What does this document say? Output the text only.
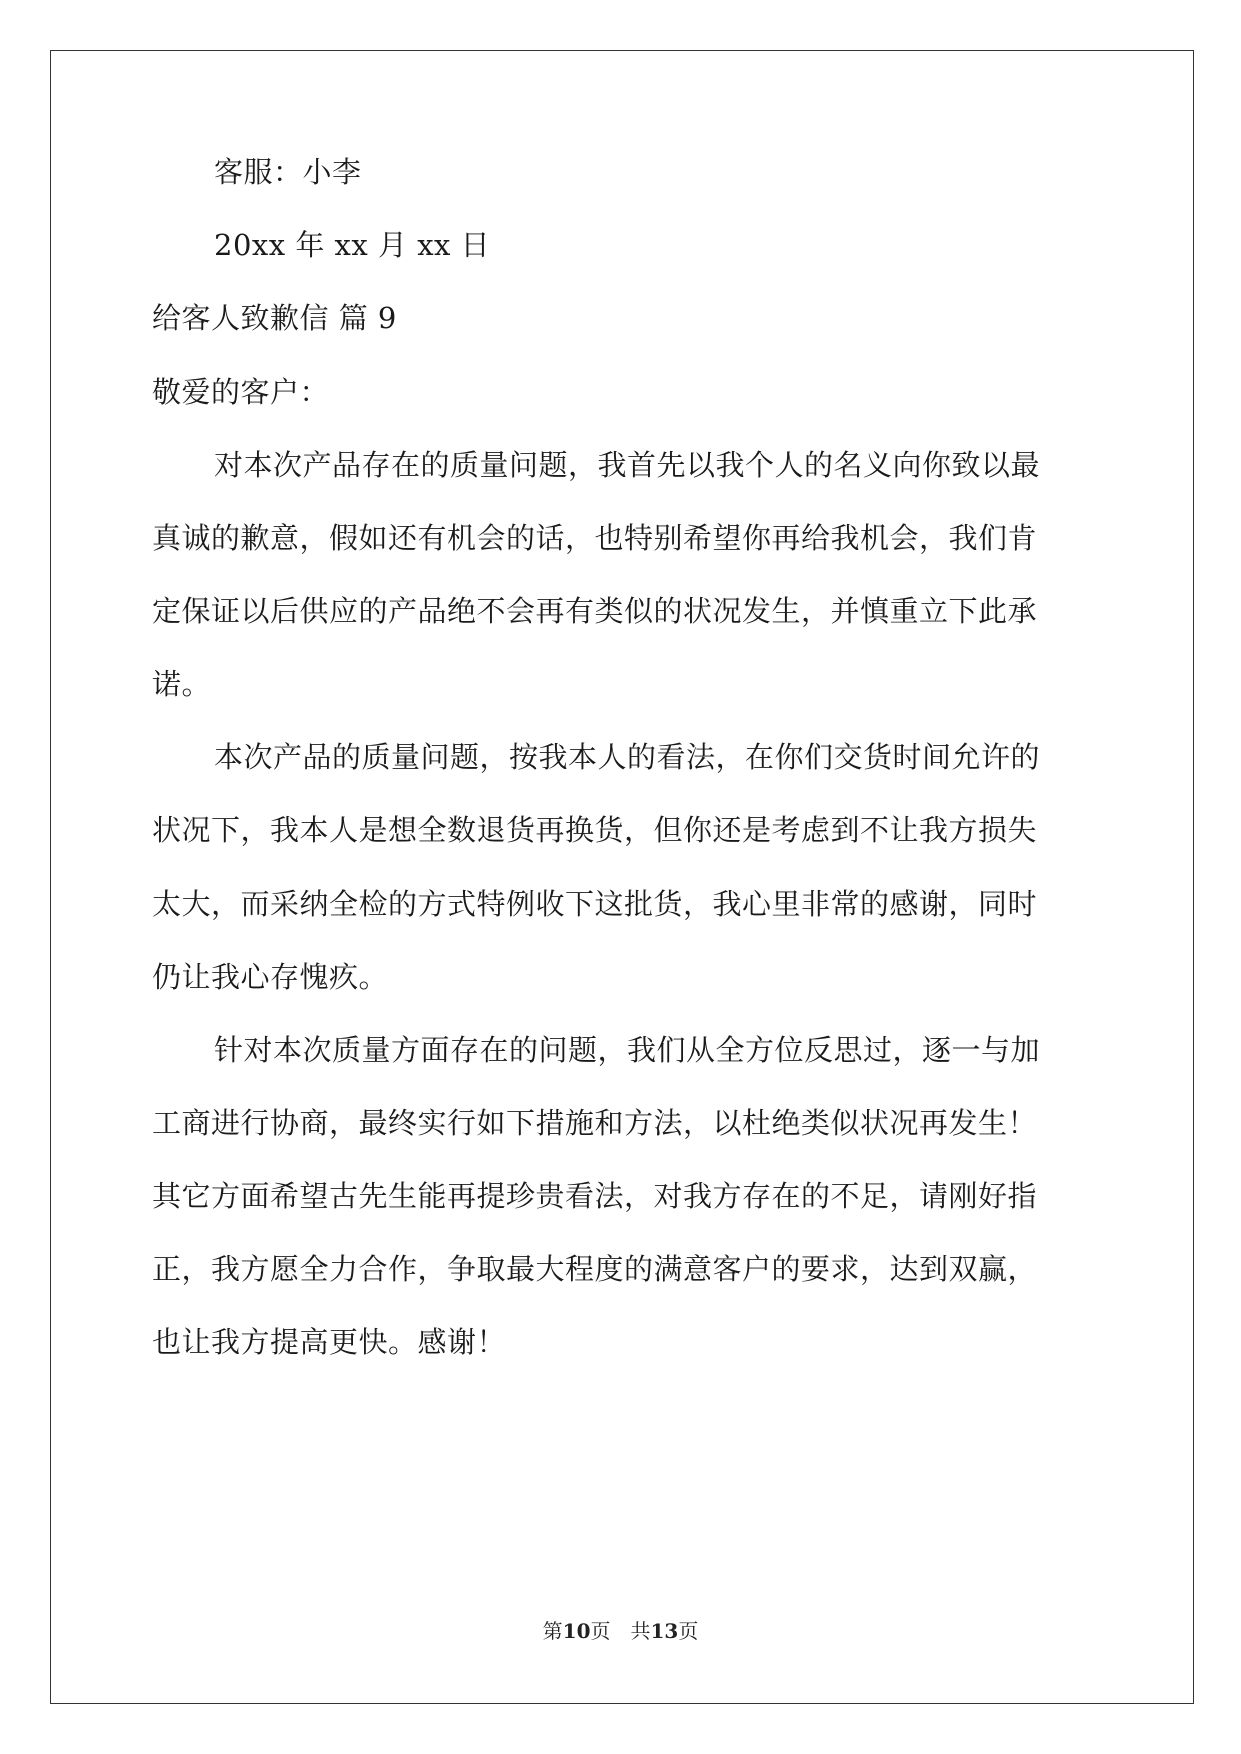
客服：小李
20xx 年 xx 月 xx 日
给客人致歉信 篇 9
敬爱的客户：
对本次产品存在的质量问题，我首先以我个人的名义向你致以最
真诚的歉意，假如还有机会的话，也特别希望你再给我机会，我们肯
定保证以后供应的产品绝不会再有类似的状况发生，并慎重立下此承
诺。
本次产品的质量问题，按我本人的看法，在你们交货时间允许的
状况下，我本人是想全数退货再换货，但你还是考虑到不让我方损失
太大，而采纳全检的方式特例收下这批货，我心里非常的感谢，同时
仍让我心存愧疚。
针对本次质量方面存在的问题，我们从全方位反思过，逐一与加
工商进行协商，最终实行如下措施和方法，以杜绝类似状况再发生！
其它方面希望古先生能再提珍贵看法，对我方存在的不足，请刚好指
正，我方愿全力合作，争取最大程度的满意客户的要求，达到双赢，
也让我方提高更快。感谢！
第10页 共13页
